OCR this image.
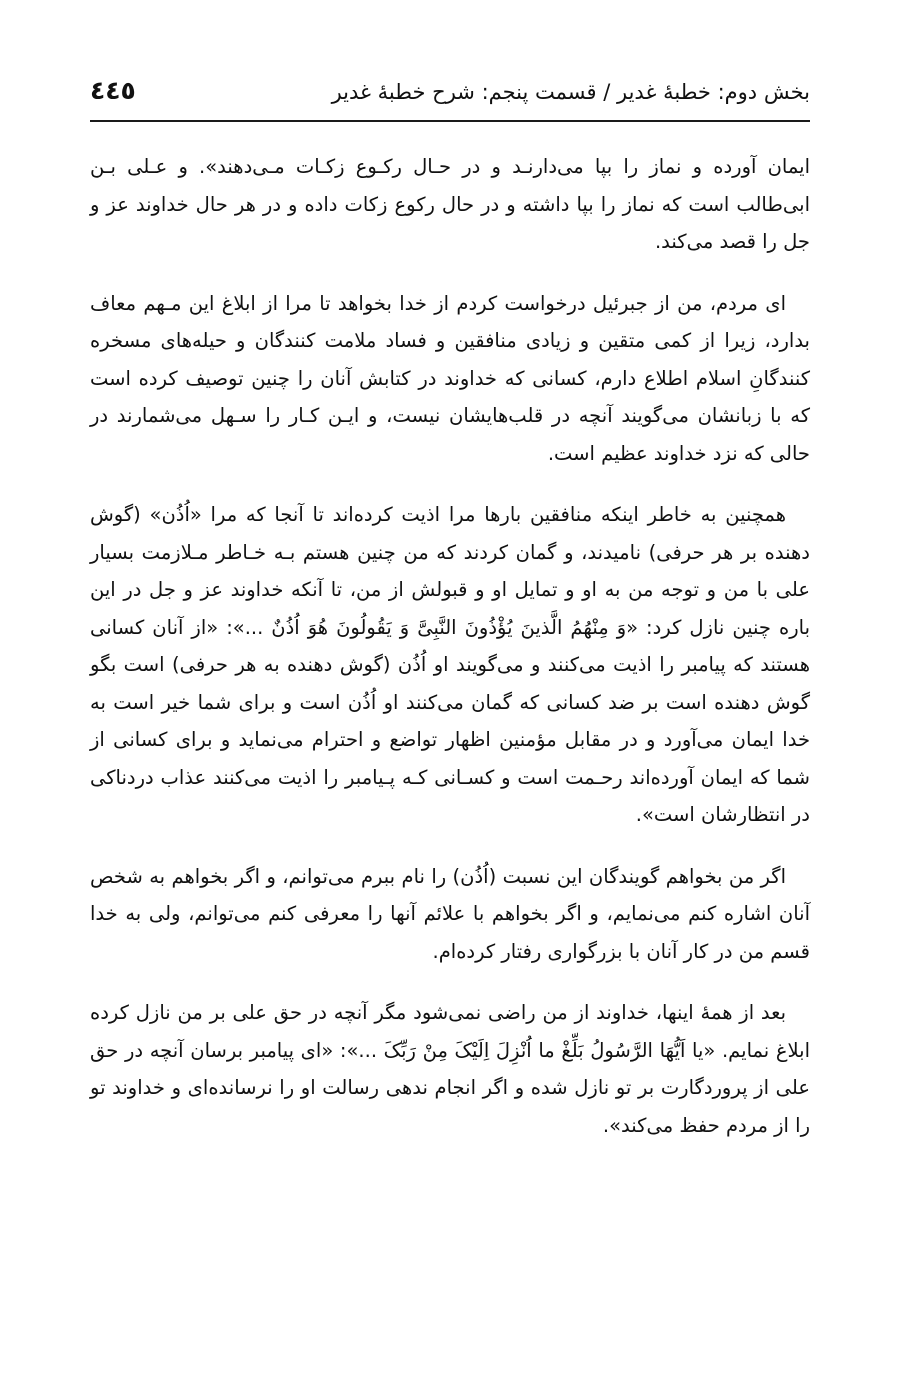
بخش دوم: خطبهٔ غدیر / قسمت پنجم: شرح خطبهٔ غدیر
٤٤٥

ایمان آورده و نماز را بپا می‌دارنـد و در حـال رکـوع زکـات مـی‌دهند». و عـلی بـن ابی‌طالب است که نماز را بپا داشته و در حال رکوع زکات داده و در هر حال خداوند عز و جل را قصد می‌کند.

ای مردم، من از جبرئیل درخواست کردم از خدا بخواهد تا مرا از ابلاغ این مـهم معاف بدارد، زیرا از کمی متقین و زیادی منافقین و فساد ملامت کنندگان و حیله‌های مسخره کنندگانِ اسلام اطلاع دارم، کسانی که خداوند در کتابش آنان را چنین توصیف کرده است که با زبانشان می‌گویند آنچه در قلب‌هایشان نیست، و ایـن کـار را سـهل می‌شمارند در حالی که نزد خداوند عظیم است.

همچنین به خاطر اینکه منافقین بارها مرا اذیت کرده‌اند تا آنجا که مرا «اُذُن» (گوش دهنده بر هر حرفی) نامیدند، و گمان کردند که من چنین هستم بـه خـاطر مـلازمت بسیار علی با من و توجه من به او و تمایل او و قبولش از من، تا آنکه خداوند عز و جل در این باره چنین نازل کرد: «وَ مِنْهُمُ الَّذینَ یُؤْذُونَ النَّبِیَّ وَ یَقُولُونَ هُوَ اُذُنٌ ...»: «از آنان کسانی هستند که پیامبر را اذیت می‌کنند و می‌گویند او اُذُن (گوش دهنده به هر حرفی) است بگو گوش دهنده است بر ضد کسانی که گمان می‌کنند او اُذُن است و برای شما خیر است به خدا ایمان می‌آورد و در مقابل مؤمنین اظهار تواضع و احترام می‌نماید و برای کسانی از شما که ایمان آورده‌اند رحـمت است و کسـانی کـه پـیامبر را اذیت می‌کنند عذاب دردناکی در انتظارشان است».

اگر من بخواهم گویندگان این نسبت (اُذُن) را نام ببرم می‌توانم، و اگر بخواهم به شخص آنان اشاره کنم می‌نمایم، و اگر بخواهم با علائم آنها را معرفی کنم می‌توانم، ولی به خدا قسم من در کار آنان با بزرگواری رفتار کرده‌ام.

بعد از همهٔ اینها، خداوند از من راضی نمی‌شود مگر آنچه در حق علی بر من نازل کرده ابلاغ نمایم. «یا اَیُّهَا الرَّسُولُ بَلِّغْ ما اُنْزِلَ اِلَیْکَ مِنْ رَبِّکَ ...»: «ای پیامبر برسان آنچه در حق علی از پروردگارت بر تو نازل شده و اگر انجام ندهی رسالت او را نرسانده‌ای و خداوند تو را از مردم حفظ می‌کند».
